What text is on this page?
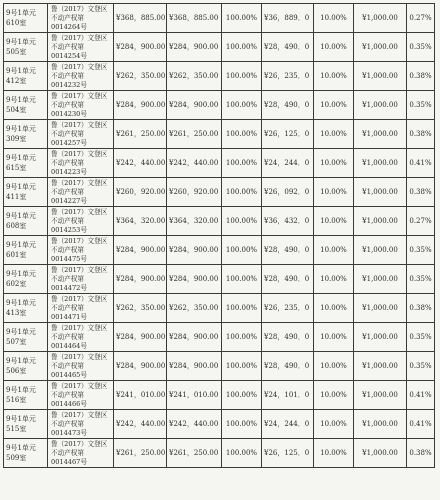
9号1单元610室	鲁（2017）文登区不动产权第0014264号	¥368，885.00	¥368，885.00	100.00%	¥36，889．0	10.00%	¥1,000.00	0.27%
9号1单元505室	鲁（2017）文登区不动产权第0014254号	¥284，900.00	¥284，900.00	100.00%	¥28，490．0	10.00%	¥1,000.00	0.35%
9号1单元412室	鲁（2017）文登区不动产权第0014232号	¥262，350.00	¥262，350.00	100.00%	¥26，235．0	10.00%	¥1,000.00	0.38%
9号1单元504室	鲁（2017）文登区不动产权第0014230号	¥284，900.00	¥284，900.00	100.00%	¥28，490．0	10.00%	¥1,000.00	0.35%
9号1单元309室	鲁（2017）文登区不动产权第0014257号	¥261，250.00	¥261，250.00	100.00%	¥26，125．0	10.00%	¥1,000.00	0.38%
9号1单元615室	鲁（2017）文登区不动产权第0014223号	¥242，440.00	¥242，440.00	100.00%	¥24，244．0	10.00%	¥1,000.00	0.41%
9号1单元411室	鲁（2017）文登区不动产权第0014227号	¥260，920.00	¥260，920.00	100.00%	¥26，092．0	10.00%	¥1,000.00	0.38%
9号1单元608室	鲁（2017）文登区不动产权第0014253号	¥364，320.00	¥364，320.00	100.00%	¥36，432．0	10.00%	¥1,000.00	0.27%
9号1单元601室	鲁（2017）文登区不动产权第0014475号	¥284，900.00	¥284，900.00	100.00%	¥28，490．0	10.00%	¥1,000.00	0.35%
9号1单元602室	鲁（2017）文登区不动产权第0014472号	¥284，900.00	¥284，900.00	100.00%	¥28，490．0	10.00%	¥1,000.00	0.35%
9号1单元413室	鲁（2017）文登区不动产权第0014471号	¥262，350.00	¥262，350.00	100.00%	¥26，235．0	10.00%	¥1,000.00	0.38%
9号1单元507室	鲁（2017）文登区不动产权第0014464号	¥284，900.00	¥284，900.00	100.00%	¥28，490．0	10.00%	¥1,000.00	0.35%
9号1单元506室	鲁（2017）文登区不动产权第0014465号	¥284，900.00	¥284，900.00	100.00%	¥28，490．0	10.00%	¥1,000.00	0.35%
9号1单元516室	鲁（2017）文登区不动产权第0014466号	¥241，010.00	¥241，010.00	100.00%	¥24，101．0	10.00%	¥1,000.00	0.41%
9号1单元515室	鲁（2017）文登区不动产权第0014473号	¥242，440.00	¥242，440.00	100.00%	¥24，244．0	10.00%	¥1,000.00	0.41%
9号1单元509室	鲁（2017）文登区不动产权第0014467号	¥261，250.00	¥261，250.00	100.00%	¥26，125．0	10.00%	¥1,000.00	0.38%
